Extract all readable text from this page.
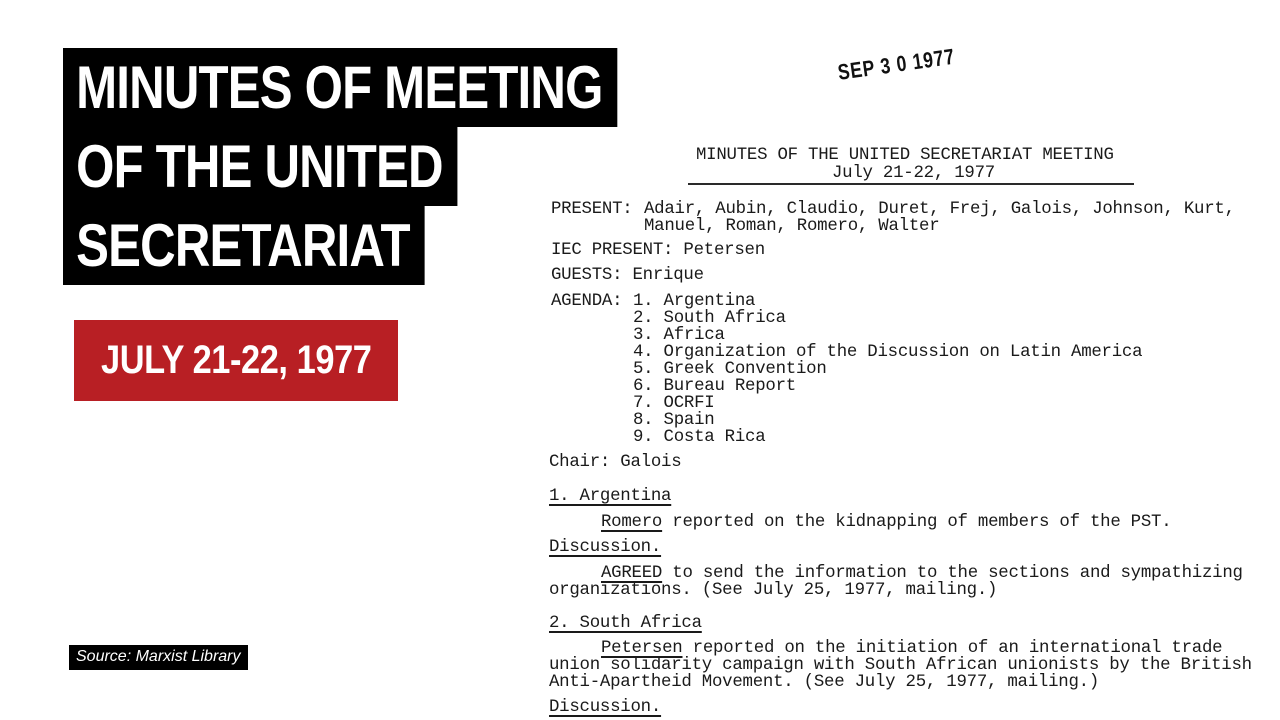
MINUTES OF MEETING
OF THE UNITED
SECRETARIAT
JULY 21-22, 1977
Source: Marxist Library
SEP 3 0 1977
MINUTES OF THE UNITED SECRETARIAT MEETING
July 21-22, 1977
PRESENT: Adair, Aubin, Claudio, Duret, Frej, Galois, Johnson, Kurt,
Manuel, Roman, Romero, Walter
IEC PRESENT: Petersen
GUESTS: Enrique
AGENDA: 1. Argentina
2. South Africa
3. Africa
4. Organization of the Discussion on Latin America
5. Greek Convention
6. Bureau Report
7. OCRFI
8. Spain
9. Costa Rica
Chair: Galois
1. Argentina
Romero reported on the kidnapping of members of the PST.
Discussion.
AGREED to send the information to the sections and sympathizing
organizations. (See July 25, 1977, mailing.)
2. South Africa
Petersen reported on the initiation of an international trade
union solidarity campaign with South African unionists by the British
Anti-Apartheid Movement. (See July 25, 1977, mailing.)
Discussion.
